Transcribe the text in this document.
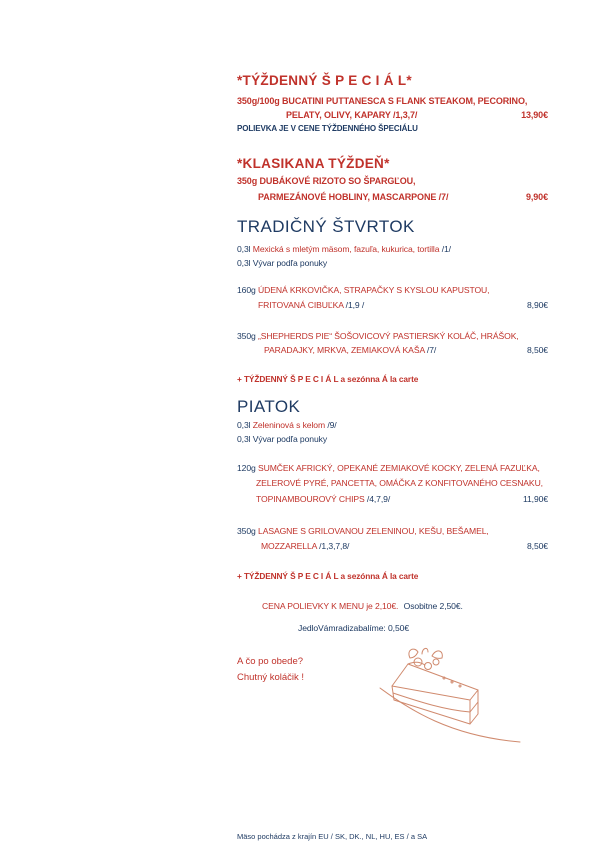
*TÝŽDENNÝ Š P E C I Á L*
350g/100g BUCATINI PUTTANESCA S FLANK STEAKOM, PECORINO,
PELATY, OLIVY, KAPARY /1,3,7/	13,90€
POLIEVKA JE V CENE TÝŽDENNÉHO ŠPECIÁLU
*KLASIKANA TÝŽDEŇ*
350g DUBÁKOVÉ RIZOTO SO ŠPARGĽOU,
PARMEZÁNOVÉ HOBLINY, MASCARPONE /7/	9,90€
TRADIČNÝ ŠTVRTOK
0,3l Mexická s mletým mäsom, fazuľa, kukurica, tortilla /1/
0,3l Vývar podľa ponuky
160g ÚDENÁ KRKOVIČKA, STRAPAČKY S KYSLOU KAPUSTOU,
FRITOVANÁ CIBUĽKA /1,9 /	8,90€
350g „SHEPHERDS PIE“ ŠOŠOVICOVÝ PASTIERSKÝ KOLÁČ, HRÁŠOK,
PARADAJKY, MRKVA, ZEMIAKOVÁ KAŠA /7/	8,50€
+ TÝŽDENNÝ Š P E C I Á L a sezónna Á la carte
PIATOK
0,3l Zeleninová s kelom /9/
0,3l Vývar podľa ponuky
120g SUMČEK AFRICKÝ, OPEKANÉ ZEMIAKOVÉ KOCKY, ZELENÁ FAZUĽKA,
ZELEROVÉ PYRÉ, PANCETTA, OMÁČKA Z KONFITOVANÉHO CESNAKU,
TOPINAMBOUROVÝ CHIPS /4,7,9/	11,90€
350g LASAGNE S GRILOVANOU ZELENINOU, KEŠU, BEŠAMEL,
MOZZARELLA /1,3,7,8/	8,50€
+ TÝŽDENNÝ Š P E C I Á L a sezónna Á la carte
CENA POLIEVKY K MENU je 2,10€. Osobitne 2,50€.
JedloVámradizabalíme: 0,50€
A čo po obede?
Chutný koláčik !
Mäso pochádza z krajín EU / SK, DK., NL, HU, ES / a SA
